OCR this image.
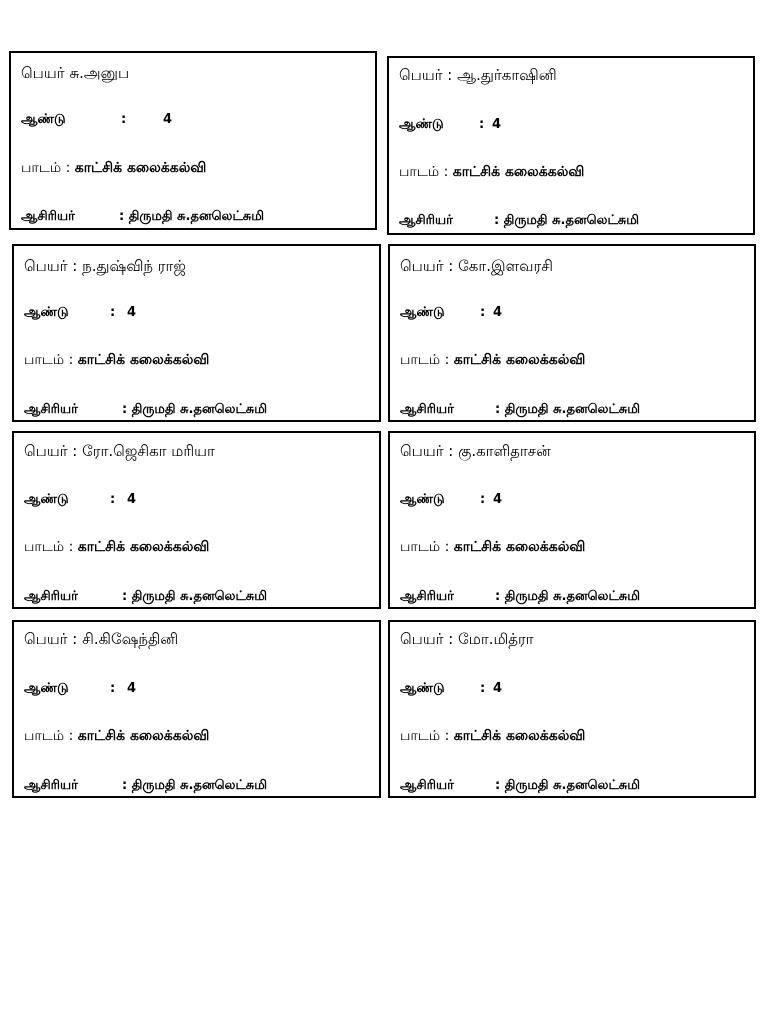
பெயர் சு.அனுப
ஆண்டு	:	4
பாடம் : காட்சிக் கலைக்கல்வி
ஆசிரியர்	: திருமதி சு.தனலெட்சுமி
பெயர் : ஆ.துர்காஷினி
ஆண்டு	: 4
பாடம் : காட்சிக் கலைக்கல்வி
ஆசிரியர்	: திருமதி சு.தனலெட்சுமி
பெயர் : ந.துஷ்விந் ராஜ்
ஆண்டு	: 4
பாடம் : காட்சிக் கலைக்கல்வி
ஆசிரியர்	: திருமதி சு.தனலெட்சுமி
பெயர் : கோ.இளவரசி
ஆண்டு	: 4
பாடம் : காட்சிக் கலைக்கல்வி
ஆசிரியர்	: திருமதி சு.தனலெட்சுமி
பெயர் : ரோ.ஜெசிகா மரியா
ஆண்டு	: 4
பாடம் : காட்சிக் கலைக்கல்வி
ஆசிரியர்	: திருமதி சு.தனலெட்சுமி
பெயர் : கு.காளிதாசன்
ஆண்டு	: 4
பாடம் : காட்சிக் கலைக்கல்வி
ஆசிரியர்	: திருமதி சு.தனலெட்சுமி
பெயர் : சி.கிஷேந்தினி
ஆண்டு	: 4
பாடம் : காட்சிக் கலைக்கல்வி
ஆசிரியர்	: திருமதி சு.தனலெட்சுமி
பெயர் : மோ.மித்ரா
ஆண்டு	: 4
பாடம் : காட்சிக் கலைக்கல்வி
ஆசிரியர்	: திருமதி சு.தனலெட்சுமி
